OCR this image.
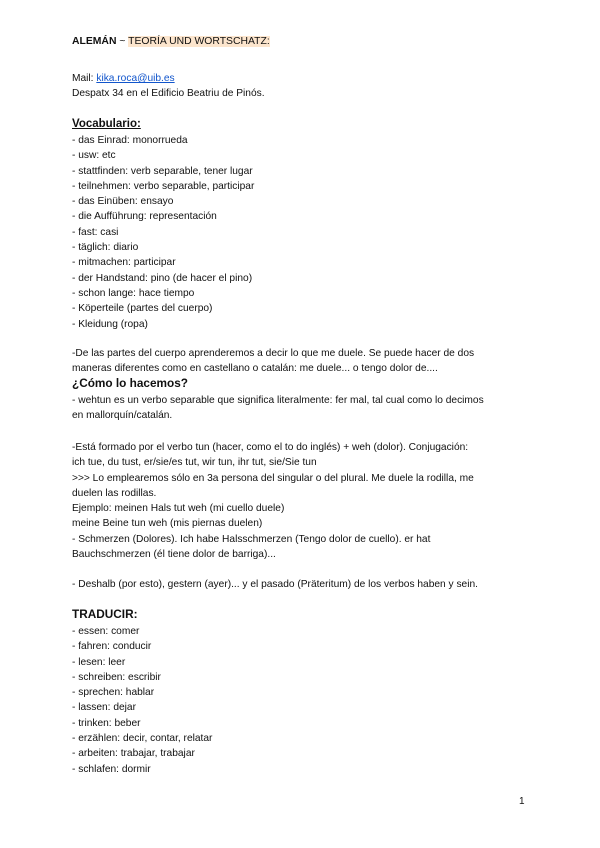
ALEMÁN ~ TEORÍA UND WORTSCHATZ:
Mail: kika.roca@uib.es
Despatx 34 en el Edificio Beatriu de Pinós.
Vocabulario:
- das Einrad: monorrueda
- usw: etc
- stattfinden: verb separable, tener lugar
- teilnehmen: verbo separable, participar
- das Einüben: ensayo
- die Aufführung: representación
- fast: casi
- täglich: diario
- mitmachen: participar
- der Handstand: pino (de hacer el pino)
- schon lange: hace tiempo
- Köperteile (partes del cuerpo)
- Kleidung (ropa)
-De las partes del cuerpo aprenderemos a decir lo que me duele. Se puede hacer de dos
maneras diferentes como en castellano o catalán: me duele... o tengo dolor de....
¿Cómo lo hacemos?
- wehtun es un verbo separable que significa literalmente: fer mal, tal cual como lo decimos
en mallorquín/catalán.
-Está formado por el verbo tun (hacer, como el to do inglés) + weh (dolor). Conjugación:
ich tue, du tust, er/sie/es tut, wir tun, ihr tut, sie/Sie tun
>>> Lo emplearemos sólo en 3a persona del singular o del plural. Me duele la rodilla, me
duelen las rodillas.
Ejemplo: meinen Hals tut weh (mi cuello duele)
meine Beine tun weh (mis piernas duelen)
- Schmerzen (Dolores). Ich habe Halsschmerzen (Tengo dolor de cuello). er hat
Bauchschmerzen (él tiene dolor de barriga)...
- Deshalb (por esto), gestern (ayer)... y el pasado (Präteritum) de los verbos haben y sein.
TRADUCIR:
- essen: comer
- fahren: conducir
- lesen: leer
- schreiben: escribir
- sprechen: hablar
- lassen: dejar
- trinken: beber
- erzählen: decir, contar, relatar
- arbeiten: trabajar, trabajar
- schlafen: dormir
1
